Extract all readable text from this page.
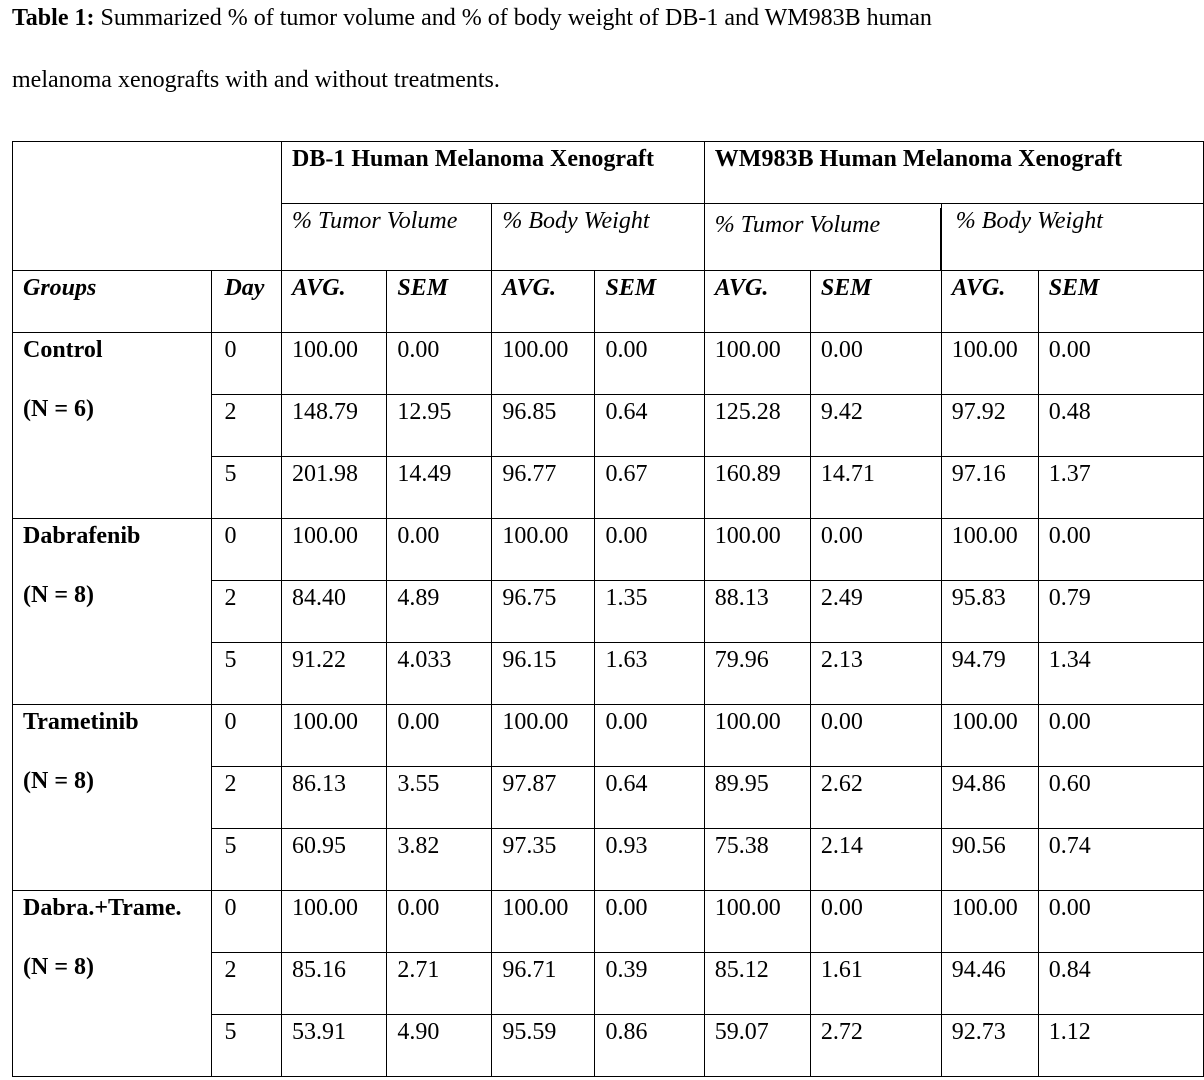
Table 1: Summarized % of tumor volume and % of body weight of DB-1 and WM983B human
melanoma xenografts with and without treatments.
		DB-1 Human Melanoma Xenograft				WM983B Human Melanoma Xenograft			
		% Tumor Volume		% Body Weight		% Tumor Volume		% Body Weight	
Groups	Day	AVG.	SEM	AVG.	SEM	AVG.	SEM	AVG.	SEM
Control
(N = 6)	0	100.00	0.00	100.00	0.00	100.00	0.00	100.00	0.00
	2	148.79	12.95	96.85	0.64	125.28	9.42	97.92	0.48
	5	201.98	14.49	96.77	0.67	160.89	14.71	97.16	1.37
Dabrafenib
(N = 8)	0	100.00	0.00	100.00	0.00	100.00	0.00	100.00	0.00
	2	84.40	4.89	96.75	1.35	88.13	2.49	95.83	0.79
	5	91.22	4.033	96.15	1.63	79.96	2.13	94.79	1.34
Trametinib
(N = 8)	0	100.00	0.00	100.00	0.00	100.00	0.00	100.00	0.00
	2	86.13	3.55	97.87	0.64	89.95	2.62	94.86	0.60
	5	60.95	3.82	97.35	0.93	75.38	2.14	90.56	0.74
Dabra.+Trame.
(N = 8)	0	100.00	0.00	100.00	0.00	100.00	0.00	100.00	0.00
	2	85.16	2.71	96.71	0.39	85.12	1.61	94.46	0.84
	5	53.91	4.90	95.59	0.86	59.07	2.72	92.73	1.12
